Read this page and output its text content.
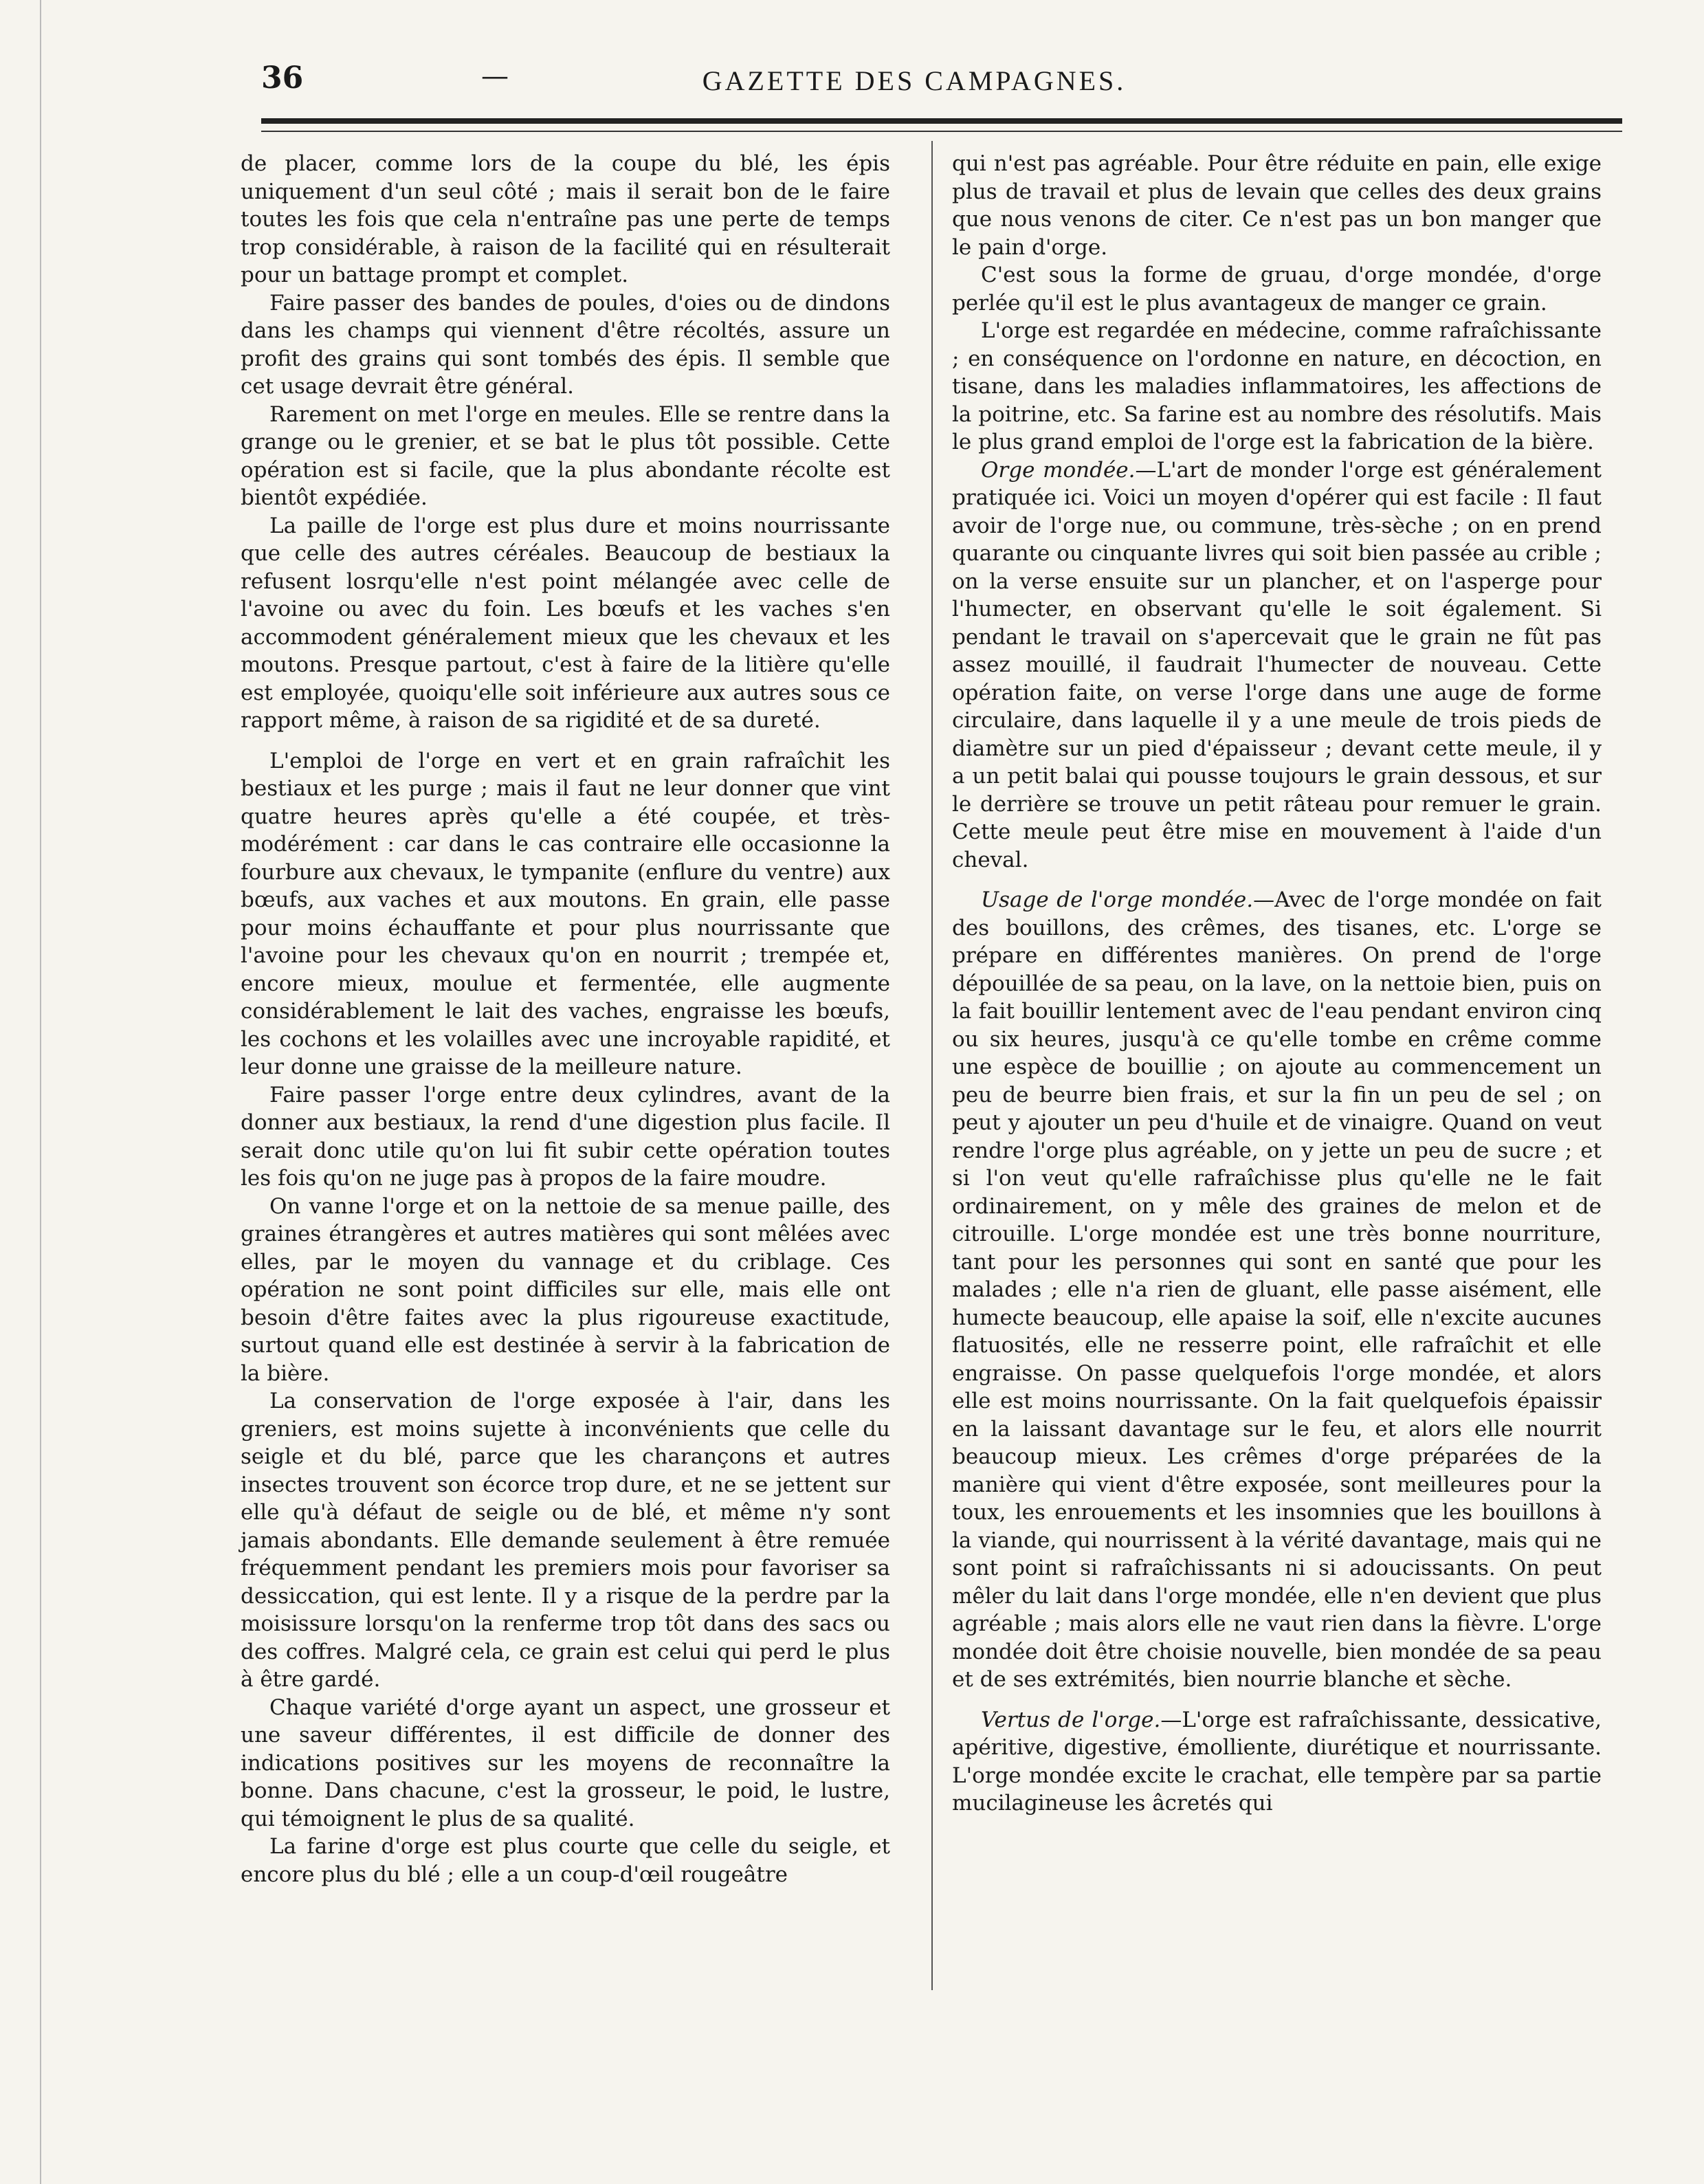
36	—	GAZETTE DES CAMPAGNES.

de placer, comme lors de la coupe du blé, les épis uniquement d'un seul côté ; mais il serait bon de le faire toutes les fois que cela n'entraîne pas une perte de temps trop considérable, à raison de la facilité qui en résulterait pour un battage prompt et complet.

Faire passer des bandes de poules, d'oies ou de dindons dans les champs qui viennent d'être récoltés, assure un profit des grains qui sont tombés des épis. Il semble que cet usage devrait être général.

Rarement on met l'orge en meules. Elle se rentre dans la grange ou le grenier, et se bat le plus tôt possible. Cette opération est si facile, que la plus abondante récolte est bientôt expédiée.

La paille de l'orge est plus dure et moins nourrissante que celle des autres céréales. Beaucoup de bestiaux la refusent losrqu'elle n'est point mélangée avec celle de l'avoine ou avec du foin. Les bœufs et les vaches s'en accommodent généralement mieux que les chevaux et les moutons. Presque partout, c'est à faire de la litière qu'elle est employée, quoiqu'elle soit inférieure aux autres sous ce rapport même, à raison de sa rigidité et de sa dureté.

L'emploi de l'orge en vert et en grain rafraîchit les bestiaux et les purge ; mais il faut ne leur donner que vint quatre heures après qu'elle a été coupée, et très-modérément : car dans le cas contraire elle occasionne la fourbure aux chevaux, le tympanite (enflure du ventre) aux bœufs, aux vaches et aux moutons. En grain, elle passe pour moins échauffante et pour plus nourrissante que l'avoine pour les chevaux qu'on en nourrit ; trempée et, encore mieux, moulue et fermentée, elle augmente considérablement le lait des vaches, engraisse les bœufs, les cochons et les volailles avec une incroyable rapidité, et leur donne une graisse de la meilleure nature.

Faire passer l'orge entre deux cylindres, avant de la donner aux bestiaux, la rend d'une digestion plus facile. Il serait donc utile qu'on lui fit subir cette opération toutes les fois qu'on ne juge pas à propos de la faire moudre.

On vanne l'orge et on la nettoie de sa menue paille, des graines étrangères et autres matières qui sont mêlées avec elles, par le moyen du vannage et du criblage. Ces opération ne sont point difficiles sur elle, mais elle ont besoin d'être faites avec la plus rigoureuse exactitude, surtout quand elle est destinée à servir à la fabrication de la bière.

La conservation de l'orge exposée à l'air, dans les greniers, est moins sujette à inconvénients que celle du seigle et du blé, parce que les charançons et autres insectes trouvent son écorce trop dure, et ne se jettent sur elle qu'à défaut de seigle ou de blé, et même n'y sont jamais abondants. Elle demande seulement à être remuée fréquemment pendant les premiers mois pour favoriser sa dessiccation, qui est lente. Il y a risque de la perdre par la moisissure lorsqu'on la renferme trop tôt dans des sacs ou des coffres. Malgré cela, ce grain est celui qui perd le plus à être gardé.

Chaque variété d'orge ayant un aspect, une grosseur et une saveur différentes, il est difficile de donner des indications positives sur les moyens de reconnaître la bonne. Dans chacune, c'est la grosseur, le poid, le lustre, qui témoignent le plus de sa qualité.

La farine d'orge est plus courte que celle du seigle, et encore plus du blé ; elle a un coup-d'œil rougeâtre

qui n'est pas agréable. Pour être réduite en pain, elle exige plus de travail et plus de levain que celles des deux grains que nous venons de citer. Ce n'est pas un bon manger que le pain d'orge.

C'est sous la forme de gruau, d'orge mondée, d'orge perlée qu'il est le plus avantageux de manger ce grain.

L'orge est regardée en médecine, comme rafraîchissante ; en conséquence on l'ordonne en nature, en décoction, en tisane, dans les maladies inflammatoires, les affections de la poitrine, etc. Sa farine est au nombre des résolutifs. Mais le plus grand emploi de l'orge est la fabrication de la bière.

Orge mondée.—L'art de monder l'orge est généralement pratiquée ici. Voici un moyen d'opérer qui est facile : Il faut avoir de l'orge nue, ou commune, très-sèche ; on en prend quarante ou cinquante livres qui soit bien passée au crible ; on la verse ensuite sur un plancher, et on l'asperge pour l'humecter, en observant qu'elle le soit également. Si pendant le travail on s'apercevait que le grain ne fût pas assez mouillé, il faudrait l'humecter de nouveau. Cette opération faite, on verse l'orge dans une auge de forme circulaire, dans laquelle il y a une meule de trois pieds de diamètre sur un pied d'épaisseur ; devant cette meule, il y a un petit balai qui pousse toujours le grain dessous, et sur le derrière se trouve un petit râteau pour remuer le grain. Cette meule peut être mise en mouvement à l'aide d'un cheval.

Usage de l'orge mondée.—Avec de l'orge mondée on fait des bouillons, des crêmes, des tisanes, etc. L'orge se prépare en différentes manières. On prend de l'orge dépouillée de sa peau, on la lave, on la nettoie bien, puis on la fait bouillir lentement avec de l'eau pendant environ cinq ou six heures, jusqu'à ce qu'elle tombe en crême comme une espèce de bouillie ; on ajoute au commencement un peu de beurre bien frais, et sur la fin un peu de sel ; on peut y ajouter un peu d'huile et de vinaigre. Quand on veut rendre l'orge plus agréable, on y jette un peu de sucre ; et si l'on veut qu'elle rafraîchisse plus qu'elle ne le fait ordinairement, on y mêle des graines de melon et de citrouille. L'orge mondée est une très bonne nourriture, tant pour les personnes qui sont en santé que pour les malades ; elle n'a rien de gluant, elle passe aisément, elle humecte beaucoup, elle apaise la soif, elle n'excite aucunes flatuosités, elle ne resserre point, elle rafraîchit et elle engraisse. On passe quelquefois l'orge mondée, et alors elle est moins nourrissante. On la fait quelquefois épaissir en la laissant davantage sur le feu, et alors elle nourrit beaucoup mieux. Les crêmes d'orge préparées de la manière qui vient d'être exposée, sont meilleures pour la toux, les enrouements et les insomnies que les bouillons à la viande, qui nourrissent à la vérité davantage, mais qui ne sont point si rafraîchissants ni si adoucissants. On peut mêler du lait dans l'orge mondée, elle n'en devient que plus agréable ; mais alors elle ne vaut rien dans la fièvre. L'orge mondée doit être choisie nouvelle, bien mondée de sa peau et de ses extrémités, bien nourrie blanche et sèche.

Vertus de l'orge.—L'orge est rafraîchissante, dessicative, apéritive, digestive, émolliente, diurétique et nourrissante. L'orge mondée excite le crachat, elle tempère par sa partie mucilagineuse les âcretés qui
